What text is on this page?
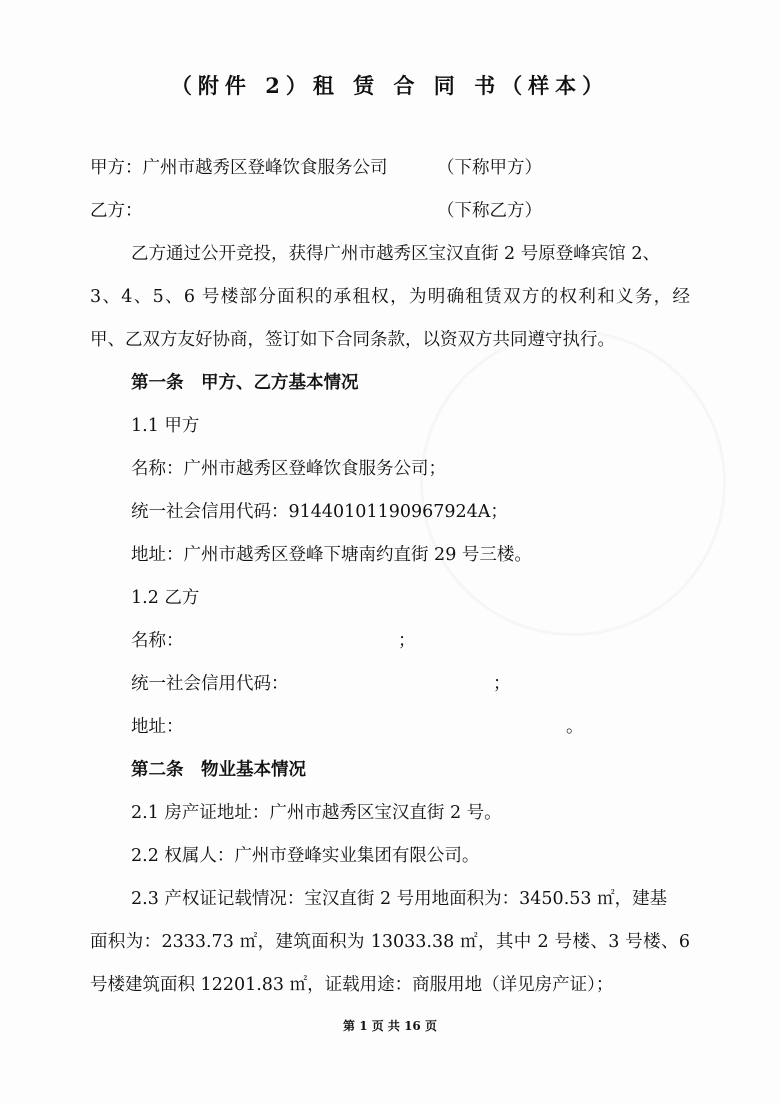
（附件 2）租 赁 合 同 书（样本）
甲方：广州市越秀区登峰饮食服务公司	（下称甲方）
乙方：	（下称乙方）
乙方通过公开竞投，获得广州市越秀区宝汉直街 2 号原登峰宾馆 2、
3、4、5、6 号楼部分面积的承租权，为明确租赁双方的权利和义务，经
甲、乙双方友好协商，签订如下合同条款，以资双方共同遵守执行。
第一条　甲方、乙方基本情况
1.1 甲方
名称：广州市越秀区登峰饮食服务公司；
统一社会信用代码：91440101190967924A；
地址：广州市越秀区登峰下塘南约直街 29 号三楼。
1.2 乙方
名称：	；
统一社会信用代码：	；
地址：	。
第二条　物业基本情况
2.1 房产证地址：广州市越秀区宝汉直街 2 号。
2.2 权属人：广州市登峰实业集团有限公司。
2.3 产权证记载情况：宝汉直街 2 号用地面积为：3450.53 ㎡，建基
面积为：2333.73 ㎡，建筑面积为 13033.38 ㎡，其中 2 号楼、3 号楼、6
号楼建筑面积 12201.83 ㎡，证载用途：商服用地（详见房产证）；
第 1 页 共 16 页
